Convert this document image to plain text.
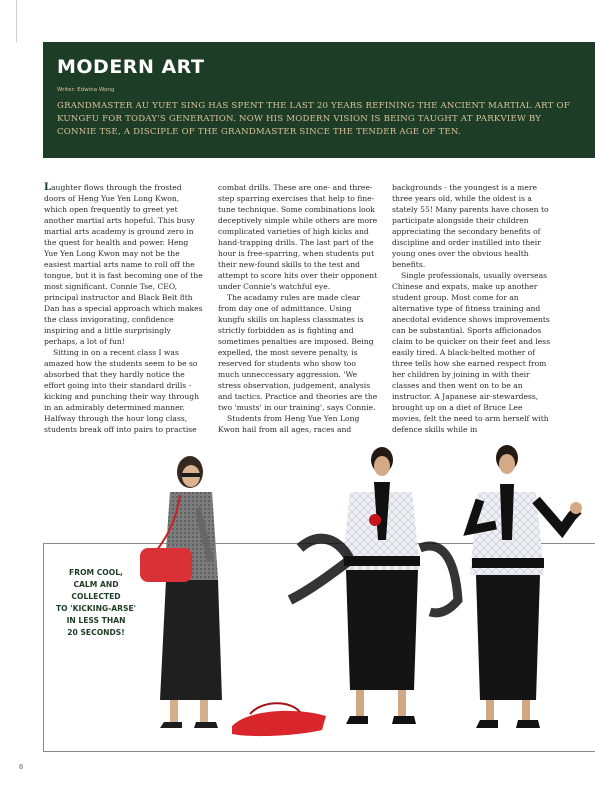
MODERN ART
Writer: Edwina Wong
GRANDMASTER AU YUET SING HAS SPENT THE LAST 20 YEARS REFINING THE ANCIENT MARTIAL ART OF KUNGFU FOR TODAY'S GENERATION. NOW HIS MODERN VISION IS BEING TAUGHT AT PARKVIEW BY CONNIE TSE, A DISCIPLE OF THE GRANDMASTER SINCE THE TENDER AGE OF TEN.

Laughter flows through the frosted doors of Heng Yue Yen Long Kwon, which open frequently to greet yet another martial arts hopeful. This busy martial arts academy is ground zero in the quest for health and power. Heng Yue Yen Long Kwon may not be the easiest martial arts name to roll off the tongue, but it is fast becoming one of the most significant. Connie Tse, CEO, principal instructor and Black Belt 8th Dan has a special approach which makes the class invigorating, confidence inspiring and a little surprisingly perhaps, a lot of fun!

Sitting in on a recent class I was amazed how the students seem to be so absorbed that they hardly notice the effort going into their standard drills - kicking and punching their way through in an admirably determined manner. Halfway through the hour long class, students break off into pairs to practise combat drills. These are one- and three-step sparring exercises that help to fine-tune technique. Some combinations look deceptively simple while others are more complicated varieties of high kicks and hand-trapping drills. The last part of the hour is free-sparring, when students put their new-found skills to the test and attempt to score hits over their opponent under Connie's watchful eye.

The acadamy rules are made clear from day one of admittance. Using kungfu skills on hapless classmates is strictly forbidden as is fighting and sometimes penalties are imposed. Being expelled, the most severe penalty, is reserved for students who show too much unneccessary aggression. 'We stress observation, judgement, analysis and tactics. Practice and theories are the two 'musts' in our training', says Connie.

Students from Heng Yue Yen Long Kwon hail from all ages, races and backgrounds - the youngest is a mere three years old, while the oldest is a stately 55! Many parents have chosen to participate alongside their children appreciating the secondary benefits of discipline and order instilled into their young ones over the obvious health benefits.

Single professionals, usually overseas Chinese and expats, make up another student group. Most come for an alternative type of fitness training and anecdotal evidence shows improvements can be substantial. Sports afficionados claim to be quicker on their feet and less easily tired. A black-belted mother of three tells how she earned respect from her children by joining in with their classes and then went on to be an instructor. A Japanese air-stewardess, brought up on a diet of Bruce Lee movies, felt the need to arm herself with defence skills while in

FROM COOL,
CALM AND
COLLECTED
TO 'KICKING-ARSE'
IN LESS THAN
20 SECONDS!
8
